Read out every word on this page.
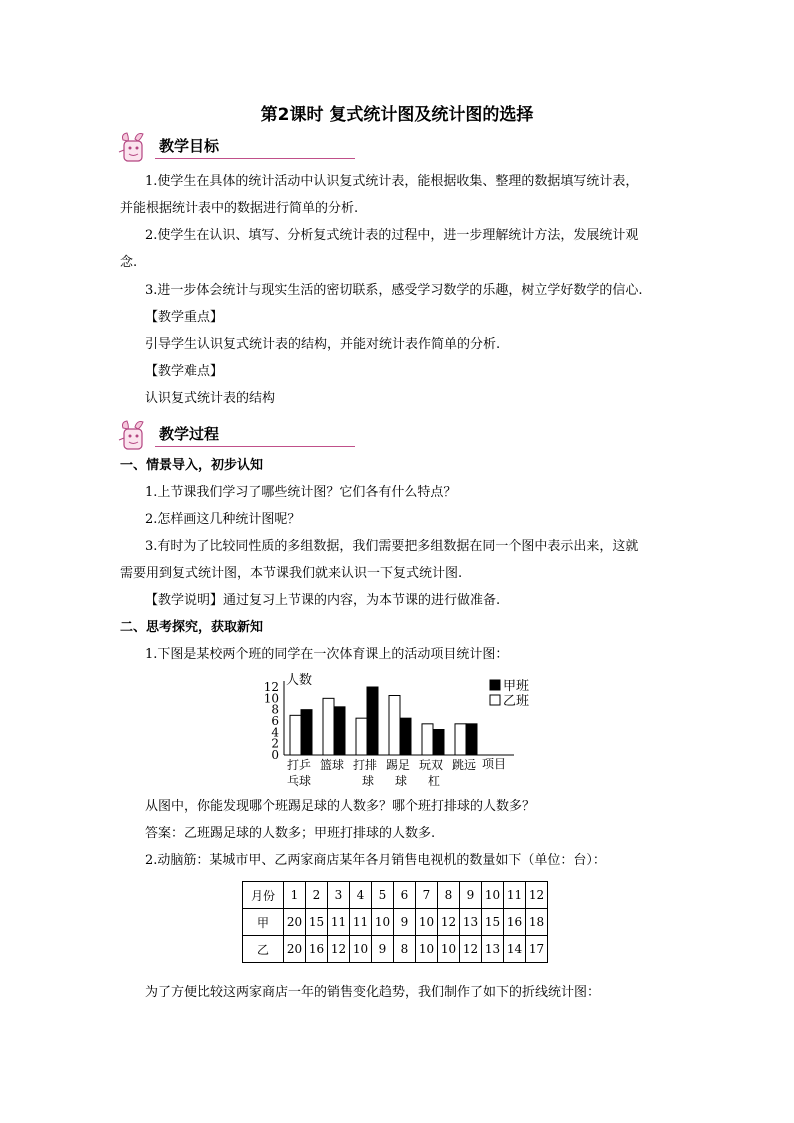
第2课时 复式统计图及统计图的选择
教学目标
1.使学生在具体的统计活动中认识复式统计表，能根据收集、整理的数据填写统计表，
并能根据统计表中的数据进行简单的分析.
2.使学生在认识、填写、分析复式统计表的过程中，进一步理解统计方法，发展统计观
念.
3.进一步体会统计与现实生活的密切联系，感受学习数学的乐趣，树立学好数学的信心.
【教学重点】
引导学生认识复式统计表的结构，并能对统计表作简单的分析.
【教学难点】
认识复式统计表的结构
教学过程
一、情景导入，初步认知
1.上节课我们学习了哪些统计图？它们各有什么特点？
2.怎样画这几种统计图呢？
3.有时为了比较同性质的多组数据，我们需要把多组数据在同一个图中表示出来，这就
需要用到复式统计图，本节课我们就来认识一下复式统计图.
【教学说明】通过复习上节课的内容，为本节课的进行做准备.
二、思考探究，获取新知
1.下图是某校两个班的同学在一次体育课上的活动项目统计图：
0
2
4
6
8
10
12 人数
项目
打乒
乓球
篮球 打排
球
踢足
球
玩双
杠
跳远
甲班
乙班
从图中，你能发现哪个班踢足球的人数多？哪个班打排球的人数多？
答案：乙班踢足球的人数多；甲班打排球的人数多.
2.动脑筋：某城市甲、乙两家商店某年各月销售电视机的数量如下（单位：台）：
月份	1	2	3	4	5	6	7	8	9	10	11	12
甲	20	15	11	11	10	9	10	12	13	15	16	18
乙	20	16	12	10	9	8	10	10	12	13	14	17
为了方便比较这两家商店一年的销售变化趋势，我们制作了如下的折线统计图：
